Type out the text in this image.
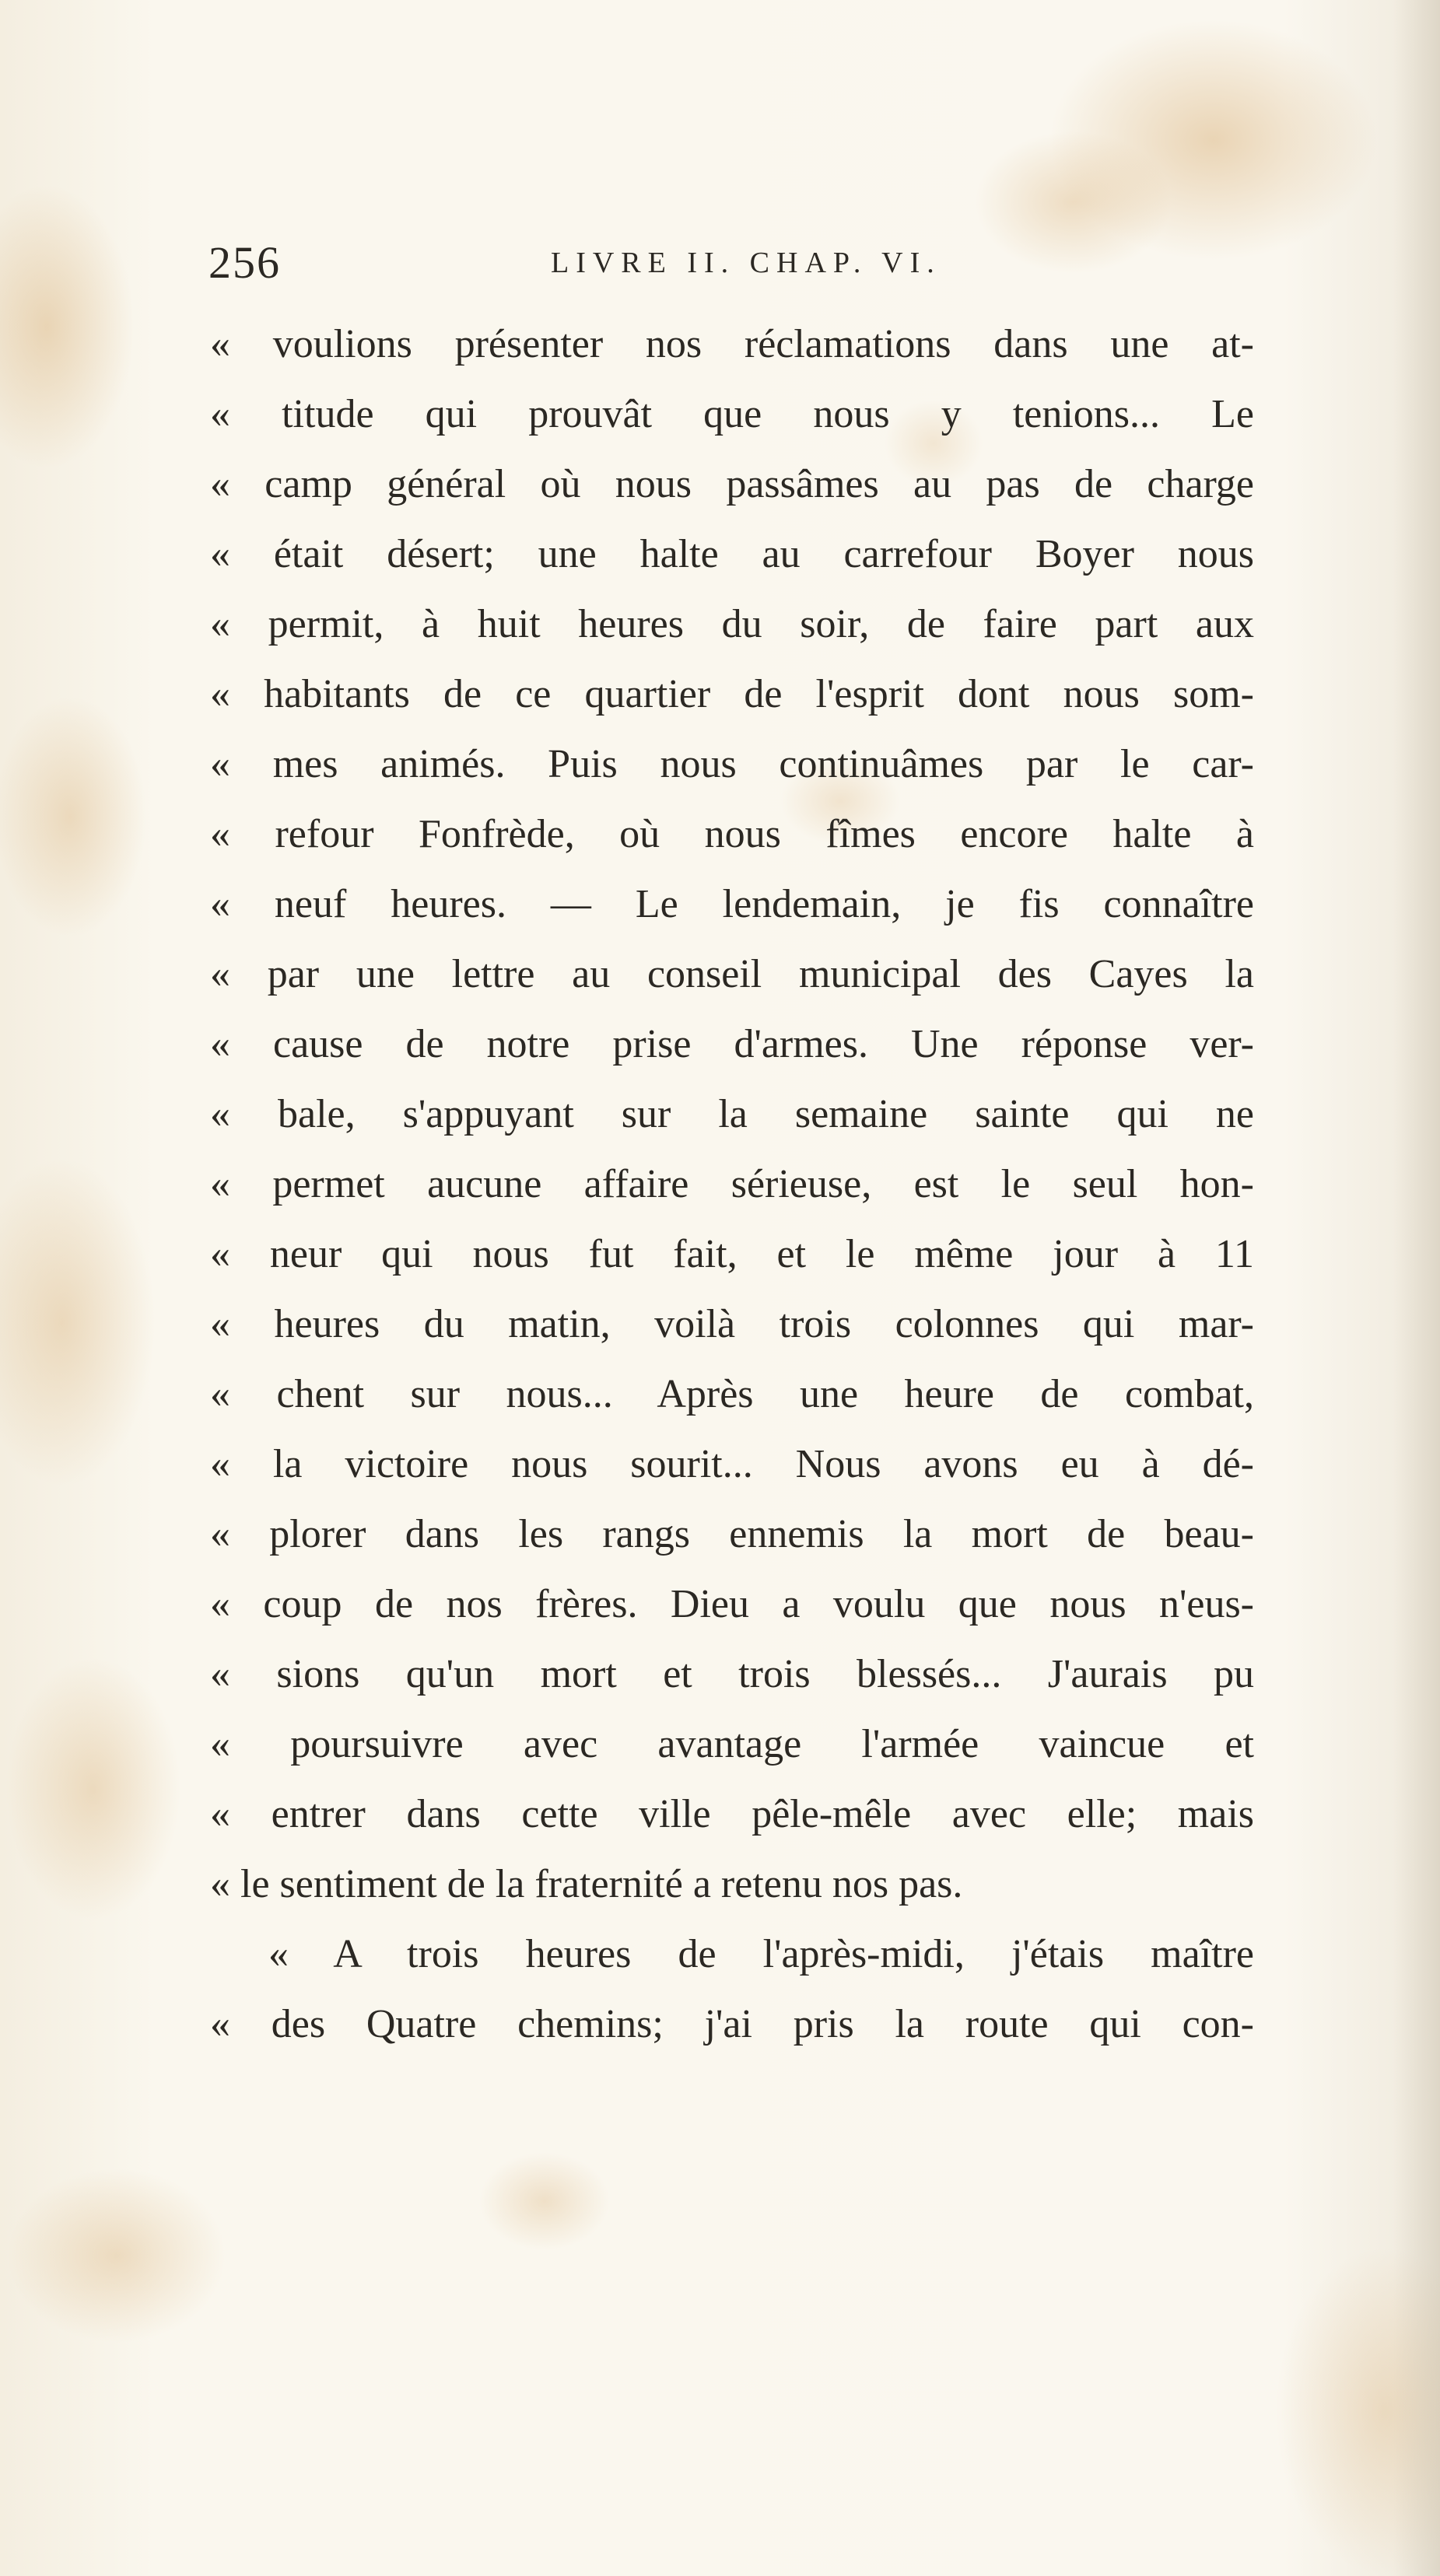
256	LIVRE II. CHAP. VI.
« voulions présenter nos réclamations dans une at-
« titude qui prouvât que nous y tenions... Le
« camp général où nous passâmes au pas de charge
« était désert; une halte au carrefour Boyer nous
« permit, à huit heures du soir, de faire part aux
« habitants de ce quartier de l'esprit dont nous som-
« mes animés. Puis nous continuâmes par le car-
« refour Fonfrède, où nous fîmes encore halte à
« neuf heures. — Le lendemain, je fis connaître
« par une lettre au conseil municipal des Cayes la
« cause de notre prise d'armes. Une réponse ver-
« bale, s'appuyant sur la semaine sainte qui ne
« permet aucune affaire sérieuse, est le seul hon-
« neur qui nous fut fait, et le même jour à 11
« heures du matin, voilà trois colonnes qui mar-
« chent sur nous... Après une heure de combat,
« la victoire nous sourit... Nous avons eu à dé-
« plorer dans les rangs ennemis la mort de beau-
« coup de nos frères. Dieu a voulu que nous n'eus-
« sions qu'un mort et trois blessés... J'aurais pu
« poursuivre avec avantage l'armée vaincue et
« entrer dans cette ville pêle-mêle avec elle; mais
« le sentiment de la fraternité a retenu nos pas.
« A trois heures de l'après-midi, j'étais maître
« des Quatre chemins; j'ai pris la route qui con-
